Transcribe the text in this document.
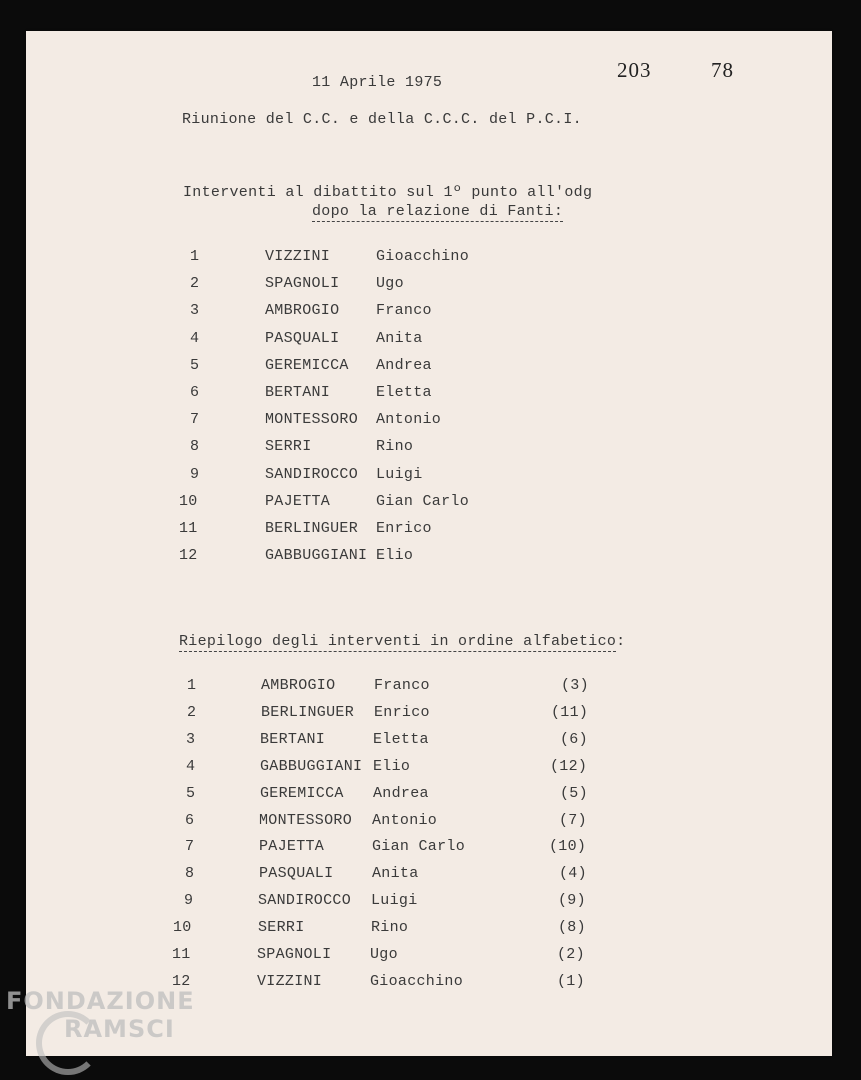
11 Aprile 1975
203	78
Riunione del C.C. e della C.C.C. del P.C.I.
Interventi al dibattito sul 1º punto all'odg
dopo la relazione di Fanti:
1	VIZZINI	Gioacchino
2	SPAGNOLI Ugo
3	AMBROGIO Franco
4	PASQUALI Anita
5	GEREMICCA Andrea
6	BERTANI	Eletta
7	MONTESSORO Antonio
8	SERRI	Rino
9	SANDIROCCO Luigi
10	PAJETTA	Gian Carlo
11	BERLINGUER Enrico
12	GABBUGGIANI Elio
Riepilogo degli interventi in ordine alfabetico:
1	AMBROGIO	Franco	(3)
2	BERLINGUER Enrico	(11)
3	BERTANI	Eletta	(6)
4	GABBUGGIANI Elio	(12)
5	GEREMICCA Andrea	(5)
6	MONTESSORO Antonio	(7)
7	PAJETTA	Gian Carlo	(10)
8	PASQUALI	Anita	(4)
9	SANDIROCCO Luigi	(9)
10	SERRI	Rino	(8)
11	SPAGNOLI	Ugo	(2)
12	VIZZINI	Gioacchino	(1)
FONDAZIONE
RAMSCI
